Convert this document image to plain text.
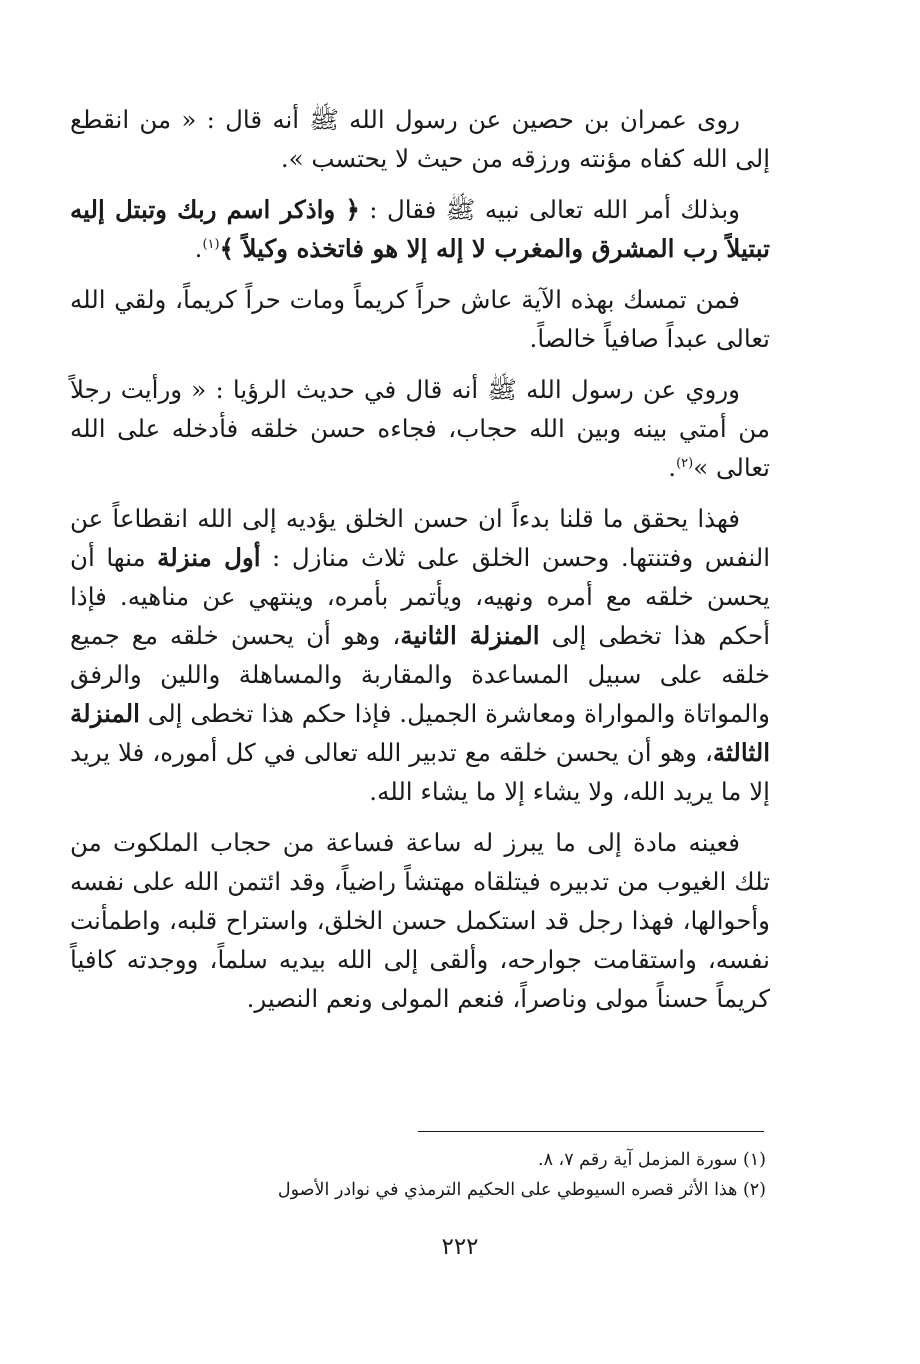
روى عمران بن حصين عن رسول الله ﷺ أنه قال : « من انقطع إلى الله كفاه مؤنته ورزقه من حيث لا يحتسب ».

وبذلك أمر الله تعالى نبيه ﷺ فقال : ﴿ واذكر اسم ربك وتبتل إليه تبتيلاً رب المشرق والمغرب لا إله إلا هو فاتخذه وكيلاً ﴾$^{(١)}$.

فمن تمسك بهذه الآية عاش حراً كريماً ومات حراً كريماً، ولقي الله تعالى عبداً صافياً خالصاً.

وروي عن رسول الله ﷺ أنه قال في حديث الرؤيا : « ورأيت رجلاً من أمتي بينه وبين الله حجاب، فجاءه حسن خلقه فأدخله على الله تعالى »$^{(٢)}$.

فهذا يحقق ما قلنا بدءاً ان حسن الخلق يؤديه إلى الله انقطاعاً عن النفس وفتنتها. وحسن الخلق على ثلاث منازل : أول منزلة منها أن يحسن خلقه مع أمره ونهيه، ويأتمر بأمره، وينتهي عن مناهيه. فإذا أحكم هذا تخطى إلى المنزلة الثانية، وهو أن يحسن خلقه مع جميع خلقه على سبيل المساعدة والمقاربة والمساهلة واللين والرفق والمواتاة والمواراة ومعاشرة الجميل. فإذا حكم هذا تخطى إلى المنزلة الثالثة، وهو أن يحسن خلقه مع تدبير الله تعالى في كل أموره، فلا يريد إلا ما يريد الله، ولا يشاء إلا ما يشاء الله.

فعينه مادة إلى ما يبرز له ساعة فساعة من حجاب الملكوت من تلك الغيوب من تدبيره فيتلقاه مهتشاً راضياً، وقد ائتمن الله على نفسه وأحوالها، فهذا رجل قد استكمل حسن الخلق، واستراح قلبه، واطمأنت نفسه، واستقامت جوارحه، وألقى إلى الله بيديه سلماً، ووجدته كافياً كريماً حسناً مولى وناصراً، فنعم المولى ونعم النصير.

(١) سورة المزمل آية رقم ٧، ٨.

(٢) هذا الأثر قصره السيوطي على الحكيم الترمذي في نوادر الأصول

٢٢٢
